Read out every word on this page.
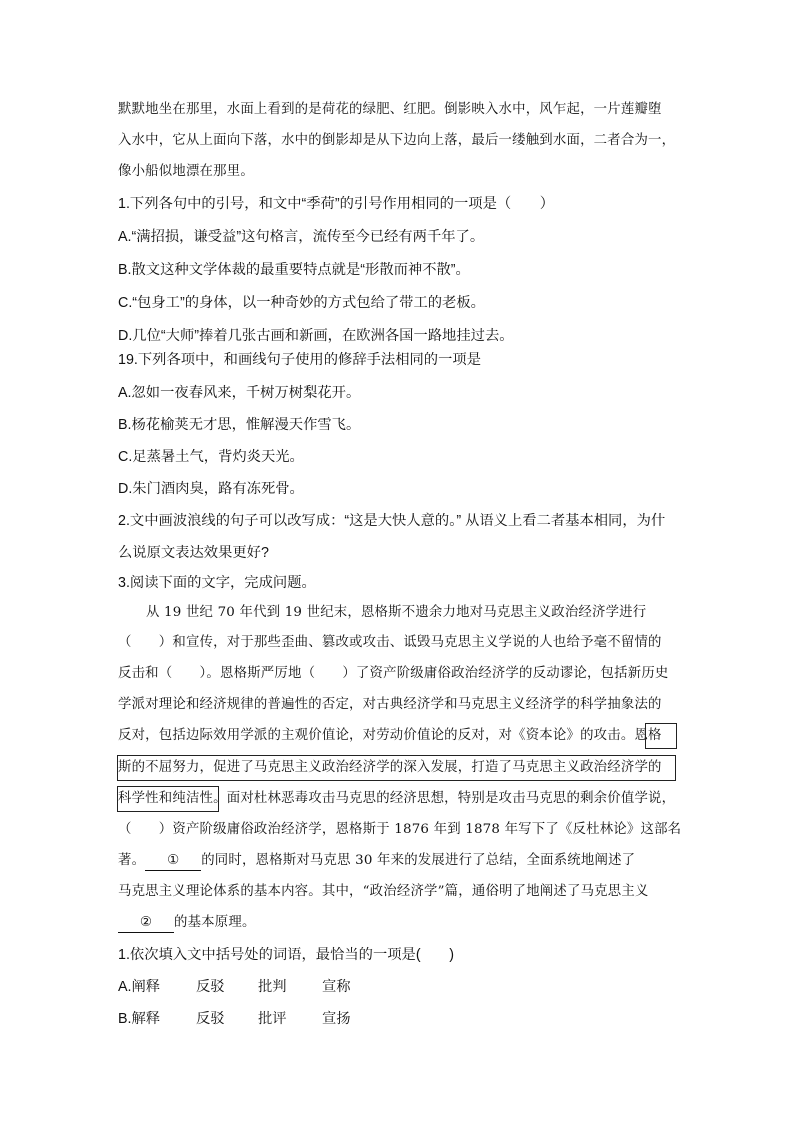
默默地坐在那里，水面上看到的是荷花的绿肥、红肥。倒影映入水中，风乍起，一片莲瓣堕
入水中，它从上面向下落，水中的倒影却是从下边向上落，最后一缕触到水面，二者合为一，
像小船似地漂在那里。
1.下列各句中的引号，和文中“季荷”的引号作用相同的一项是（　　）
A.“满招损，谦受益”这句格言，流传至今已经有两千年了。
B.散文这种文学体裁的最重要特点就是“形散而神不散”。
C.“包身工”的身体，以一种奇妙的方式包给了带工的老板。
D.几位“大师”捧着几张古画和新画，在欧洲各国一路地挂过去。
19.下列各项中，和画线句子使用的修辞手法相同的一项是
A.忽如一夜春风来，千树万树梨花开。
B.杨花榆荚无才思，惟解漫天作雪飞。
C.足蒸暑土气，背灼炎天光。
D.朱门酒肉臭，路有冻死骨。
2.文中画波浪线的句子可以改写成：“这是大快人意的。” 从语义上看二者基本相同，为什
么说原文表达效果更好?
3.阅读下面的文字，完成问题。
从 19 世纪 70 年代到 19 世纪末，恩格斯不遗余力地对马克思主义政治经济学进行
（　　）和宣传，对于那些歪曲、篡改或攻击、诋毁马克思主义学说的人也给予毫不留情的
反击和（　　）。恩格斯严厉地（　　）了资产阶级庸俗政治经济学的反动谬论，包括新历史
学派对理论和经济规律的普遍性的否定，对古典经济学和马克思主义经济学的科学抽象法的
反对，包括边际效用学派的主观价值论，对劳动价值论的反对，对《资本论》的攻击。恩格
斯的不屈努力，促进了马克思主义政治经济学的深入发展，打造了马克思主义政治经济学的
科学性和纯洁性。面对杜林恶毒攻击马克思的经济思想，特别是攻击马克思的剩余价值学说，
（　　）资产阶级庸俗政治经济学，恩格斯于 1876 年到 1878 年写下了《反杜林论》这部名
著。 ① 的同时，恩格斯对马克思 30 年来的发展进行了总结，全面系统地阐述了
马克思主义理论体系的基本内容。其中，“政治经济学”篇，通俗明了地阐述了马克思主义
② 的基本原理。
1.依次填入文中括号处的词语，最恰当的一项是(　　)
A.阐释	反驳 批判 宣称
B.解释	反驳 批评 宣扬
